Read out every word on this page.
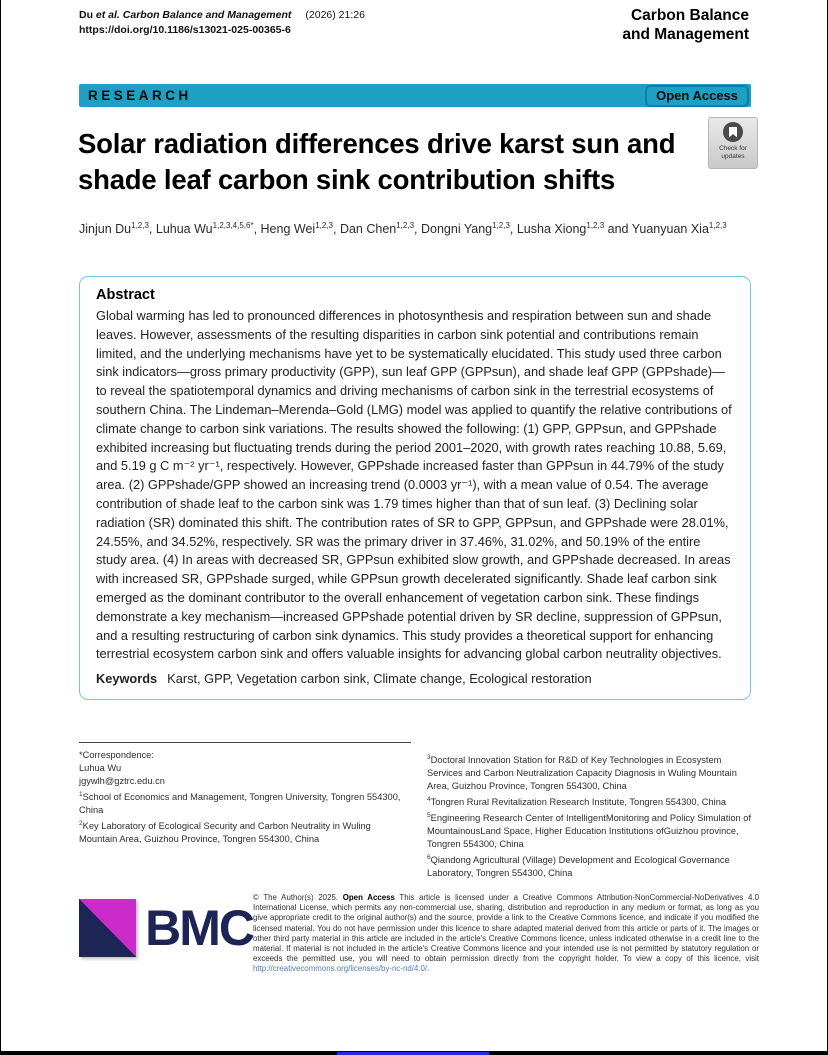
Du et al. Carbon Balance and Management (2026) 21:26
https://doi.org/10.1186/s13021-025-00365-6
Carbon Balance
and Management
RESEARCH	Open Access
Check for
updates
Solar radiation differences drive karst sun and shade leaf carbon sink contribution shifts
Jinjun Du$^{1,2,3}$, Luhua $Wu^{1,2,3,4,5,6*}$, Heng Wei$^{1,2,3}$, Dan Chen$^{1,2,3}$, Dongni Yang$^{1,2,3}$, Lusha Xiong$^{1,2,3}$ and Yuanyuan Xia$^{1,2,3}$
Abstract
Global warming has led to pronounced differences in photosynthesis and respiration between sun and shade leaves. However, assessments of the resulting disparities in carbon sink potential and contributions remain limited, and the underlying mechanisms have yet to be systematically elucidated. This study used three carbon sink indicators—gross primary productivity (GPP), sun leaf GPP (GPPsun), and shade leaf GPP (GPPshade)—to reveal the spatiotemporal dynamics and driving mechanisms of carbon sink in the terrestrial ecosystems of southern China. The Lindeman–Merenda–Gold (LMG) model was applied to quantify the relative contributions of climate change to carbon sink variations. The results showed the following: (1) GPP, GPPsun, and GPPshade exhibited increasing but fluctuating trends during the period 2001–2020, with growth rates reaching 10.88, 5.69, and 5.19 g C m⁻² yr⁻¹, respectively. However, GPPshade increased faster than GPPsun in 44.79% of the study area. (2) GPPshade/GPP showed an increasing trend (0.0003 yr⁻¹), with a mean value of 0.54. The average contribution of shade leaf to the carbon sink was 1.79 times higher than that of sun leaf. (3) Declining solar radiation (SR) dominated this shift. The contribution rates of SR to GPP, GPPsun, and GPPshade were 28.01%, 24.55%, and 34.52%, respectively. SR was the primary driver in 37.46%, 31.02%, and 50.19% of the entire study area. (4) In areas with decreased SR, GPPsun exhibited slow growth, and GPPshade decreased. In areas with increased SR, GPPshade surged, while GPPsun growth decelerated significantly. Shade leaf carbon sink emerged as the dominant contributor to the overall enhancement of vegetation carbon sink. These findings demonstrate a key mechanism—increased GPPshade potential driven by SR decline, suppression of GPPsun, and a resulting restructuring of carbon sink dynamics. This study provides a theoretical support for enhancing terrestrial ecosystem carbon sink and offers valuable insights for advancing global carbon neutrality objectives.
Keywords Karst, GPP, Vegetation carbon sink, Climate change, Ecological restoration
*Correspondence:
Luhua Wu
jgywlh@gztrc.edu.cn
$^1$School of Economics and Management, Tongren University, Tongren 554300, China
$^2$Key Laboratory of Ecological Security and Carbon Neutrality in Wuling Mountain Area, Guizhou Province, Tongren 554300, China
$^3$Doctoral Innovation Station for R&D of Key Technologies in Ecosystem Services and Carbon Neutralization Capacity Diagnosis in Wuling Mountain Area, Guizhou Province, Tongren 554300, China
$^4$Tongren Rural Revitalization Research Institute, Tongren 554300, China
$^5$Engineering Research Center of IntelligentMonitoring and Policy Simulation of MountainousLand Space, Higher Education Institutions ofGuizhou province, Tongren 554300, China
$^6$Qiandong Agricultural (Village) Development and Ecological Governance Laboratory, Tongren 554300, China
BMC

© The Author(s) 2025. Open Access This article is licensed under a Creative Commons Attribution-NonCommercial-NoDerivatives 4.0 International License, which permits any non-commercial use, sharing, distribution and reproduction in any medium or format, as long as you give appropriate credit to the original author(s) and the source, provide a link to the Creative Commons licence, and indicate if you modified the licensed material. You do not have permission under this licence to share adapted material derived from this article or parts of it. The images or other third party material in this article are included in the article's Creative Commons licence, unless indicated otherwise in a credit line to the material. If material is not included in the article's Creative Commons licence and your intended use is not permitted by statutory regulation or exceeds the permitted use, you will need to obtain permission directly from the copyright holder. To view a copy of this licence, visit http://creativecommons.org/licenses/by-nc-nd/4.0/.
